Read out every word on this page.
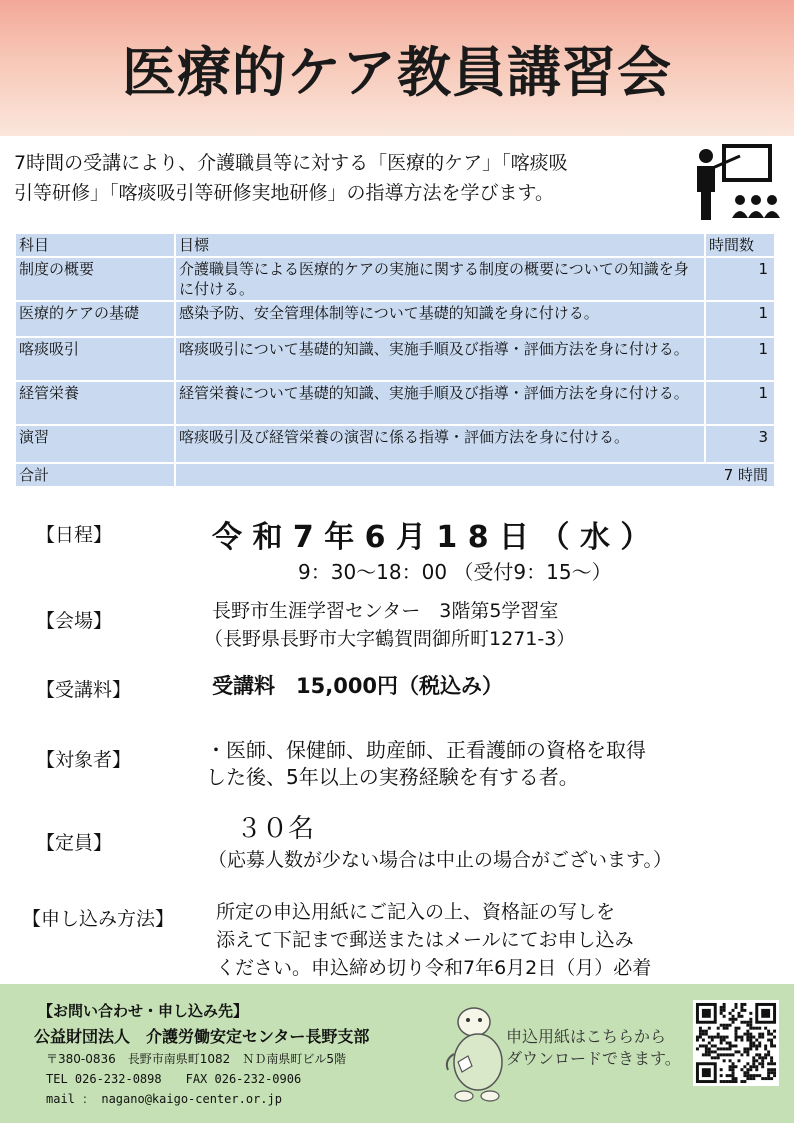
医療的ケア教員講習会
7時間の受講により、介護職員等に対する「医療的ケア」「喀痰吸
引等研修」「喀痰吸引等研修実地研修」の指導方法を学びます。
科目	目標	時間数
制度の概要	介護職員等による医療的ケアの実施に関する制度の概要についての知識を身に付ける。	1
医療的ケアの基礎	感染予防、安全管理体制等について基礎的知識を身に付ける。	1
喀痰吸引	喀痰吸引について基礎的知識、実施手順及び指導・評価方法を身に付ける。	1
経管栄養	経管栄養について基礎的知識、実施手順及び指導・評価方法を身に付ける。	1
演習	喀痰吸引及び経管栄養の演習に係る指導・評価方法を身に付ける。	3
合計	7 時間	
【日程】	令 和 7 年 6 月 1 8 日 （ 水 ）
9：30～18：00 （受付9：15～）
【会場】	長野市生涯学習センター　3階第5学習室
（長野県長野市大字鶴賀問御所町1271-3）
【受講料】	受講料　15,000円（税込み）
【対象者】	・医師、保健師、助産師、正看護師の資格を取得
した後、5年以上の実務経験を有する者。
【定員】	３０名
（応募人数が少ない場合は中止の場合がございます。）
【申し込み方法】 所定の申込用紙にご記入の上、資格証の写しを
添えて下記まで郵送またはメールにてお申し込み
ください。申込締め切り令和7年6月2日（月）必着
【お問い合わせ・申し込み先】
公益財団法人　介護労働安定センター長野支部
〒380-0836　長野市南県町1082　ＮＤ南県町ビル5階
TEL 026-232-0898　　FAX 026-232-0906
mail ： nagano@kaigo-center.or.jp
申込用紙はこちらから
ダウンロードできます。
